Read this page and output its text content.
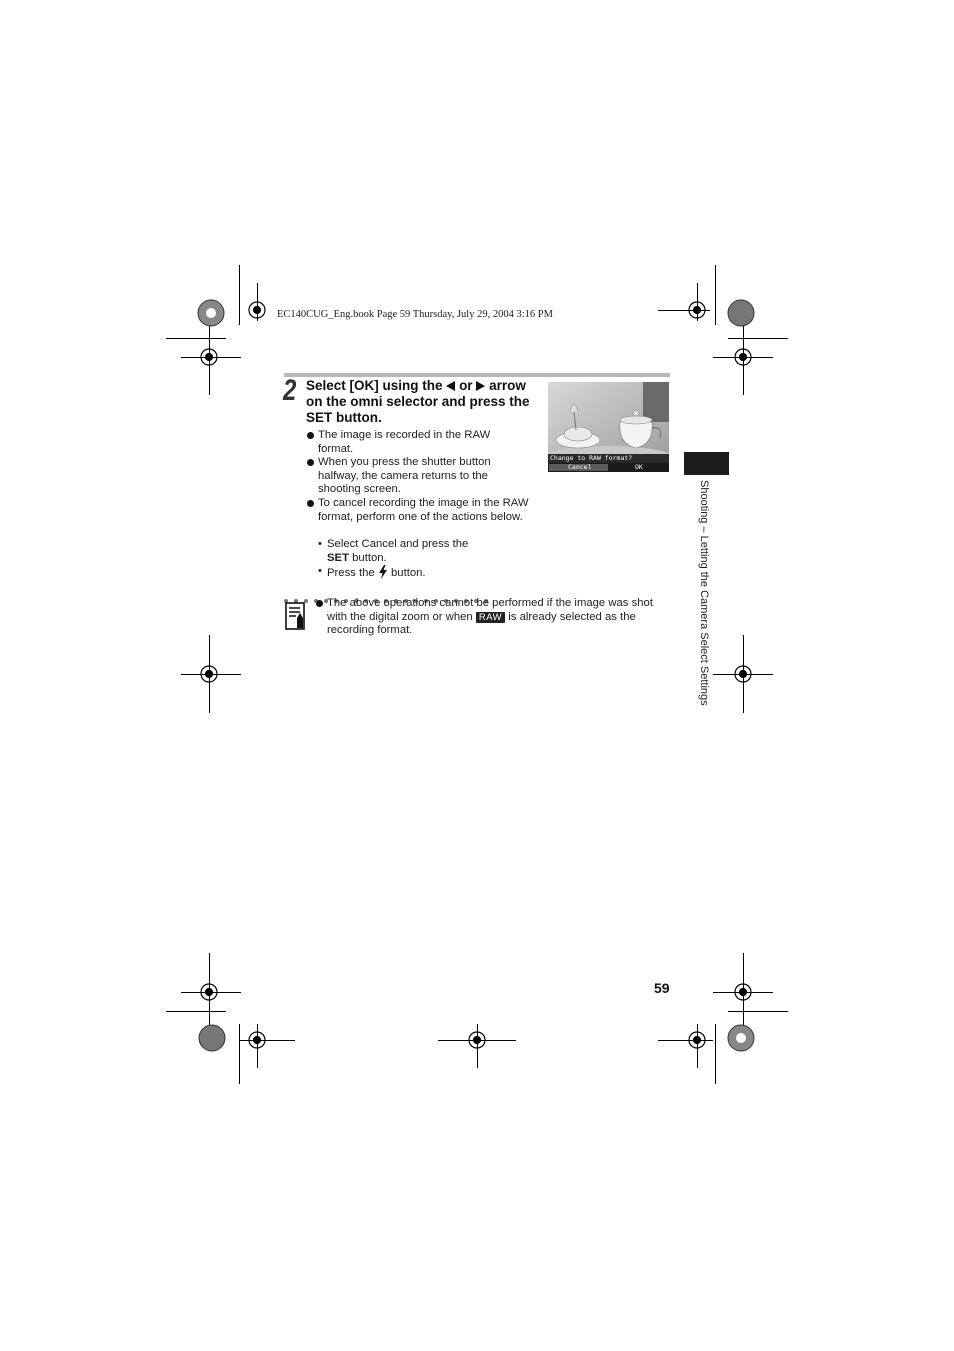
EC140CUG_Eng.book Page 59 Thursday, July 29, 2004 3:16 PM
2 Select [OK] using the or arrow on the omni selector and press the SET button.
The image is recorded in the RAW format.
When you press the shutter button halfway, the camera returns to the shooting screen.
To cancel recording the image in the RAW format, perform one of the actions below.
• Select Cancel and press the
SET button.
• Press the button.
Change to RAW format?
Cancel	OK
The above operations cannot be performed if the image was shot with the digital zoom or when RAW is already selected as the recording format.	Shooting – Letting the Camera Select Settings
59
